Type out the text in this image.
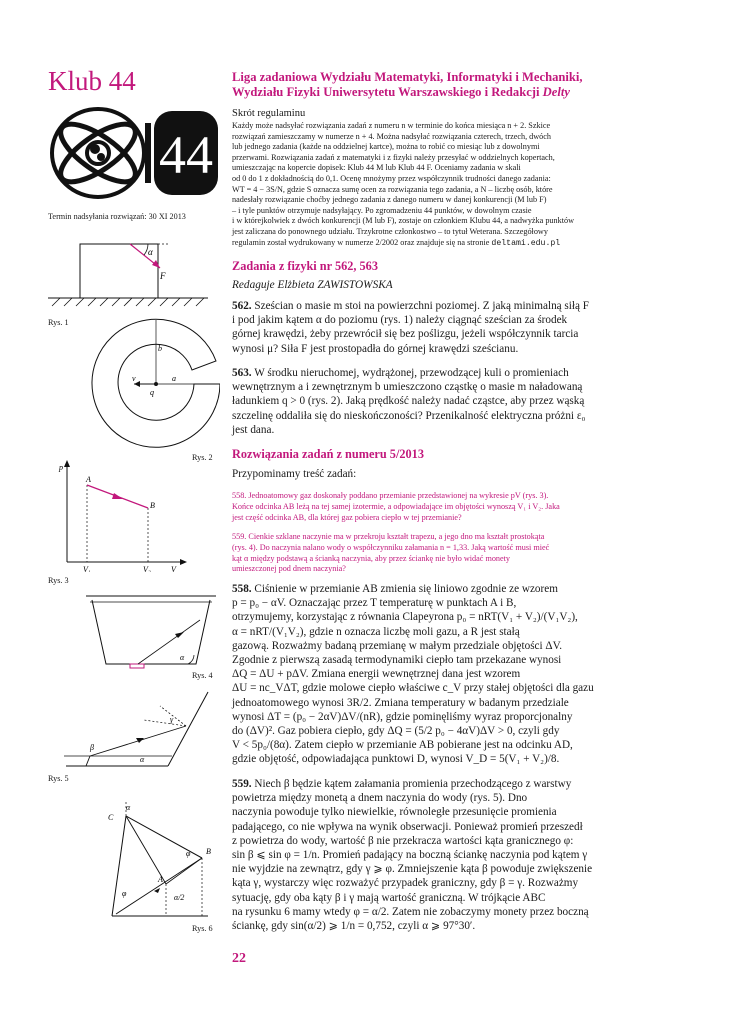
Klub 44
44
Termin nadsyłania rozwiązań: 30 XI 2013
α
F
Rys. 1
b
a
v
q
Rys. 2
p
A
B
V₁	V₂	V
Rys. 3
α
Rys. 4
γ
β
α
Rys. 5
α
C
B
A
φ
φ	α/2
Rys. 6
Liga zadaniowa Wydziału Matematyki, Informatyki i Mechaniki,
Wydziału Fizyki Uniwersytetu Warszawskiego i Redakcji Delty
Skrót regulaminu
Każdy może nadsyłać rozwiązania zadań z numeru n w terminie do końca miesiąca n + 2. Szkice
rozwiązań zamieszczamy w numerze n + 4. Można nadsyłać rozwiązania czterech, trzech, dwóch
lub jednego zadania (każde na oddzielnej kartce), można to robić co miesiąc lub z dowolnymi
przerwami. Rozwiązania zadań z matematyki i z fizyki należy przesyłać w oddzielnych kopertach,
umieszczając na kopercie dopisek: Klub 44 M lub Klub 44 F. Oceniamy zadania w skali
od 0 do 1 z dokładnością do 0,1. Ocenę mnożymy przez współczynnik trudności danego zadania:
WT = 4 − 3S/N, gdzie S oznacza sumę ocen za rozwiązania tego zadania, a N – liczbę osób, które
nadesłały rozwiązanie choćby jednego zadania z danego numeru w danej konkurencji (M lub F)
– i tyle punktów otrzymuje nadsyłający. Po zgromadzeniu 44 punktów, w dowolnym czasie
i w którejkolwiek z dwóch konkurencji (M lub F), zostaje on członkiem Klubu 44, a nadwyżka punktów
jest zaliczana do ponownego udziału. Trzykrotne członkostwo – to tytuł Weterana. Szczegółowy
regulamin został wydrukowany w numerze 2/2002 oraz znajduje się na stronie deltami.edu.pl
Zadania z fizyki nr 562, 563
Redaguje Elżbieta ZAWISTOWSKA
562. Sześcian o masie m stoi na powierzchni poziomej. Z jaką minimalną siłą F
i pod jakim kątem α do poziomu (rys. 1) należy ciągnąć sześcian za środek
górnej krawędzi, żeby przewrócił się bez poślizgu, jeżeli współczynnik tarcia
wynosi μ? Siła F jest prostopadła do górnej krawędzi sześcianu.
563. W środku nieruchomej, wydrążonej, przewodzącej kuli o promieniach
wewnętrznym a i zewnętrznym b umieszczono cząstkę o masie m naładowaną
ładunkiem q > 0 (rys. 2). Jaką prędkość należy nadać cząstce, aby przez wąską
szczelinę oddaliła się do nieskończoności? Przenikalność elektryczna próżni ε₀
jest dana.
Rozwiązania zadań z numeru 5/2013
Przypominamy treść zadań:
558. Jednoatomowy gaz doskonały poddano przemianie przedstawionej na wykresie pV (rys. 3).
Końce odcinka AB leżą na tej samej izotermie, a odpowiadające im objętości wynoszą V₁ i V₂. Jaka
jest część odcinka AB, dla której gaz pobiera ciepło w tej przemianie?
559. Cienkie szklane naczynie ma w przekroju kształt trapezu, a jego dno ma kształt prostokąta
(rys. 4). Do naczynia nalano wody o współczynniku załamania n = 1,33. Jaką wartość musi mieć
kąt α między podstawą a ścianką naczynia, aby przez ściankę nie było widać monety
umieszczonej pod dnem naczynia?
558. Ciśnienie w przemianie AB zmienia się liniowo zgodnie ze wzorem
p = p₀ − αV. Oznaczając przez T temperaturę w punktach A i B,
otrzymujemy, korzystając z równania Clapeyrona p₀ = nRT(V₁ + V₂)/(V₁V₂),
α = nRT/(V₁V₂), gdzie n oznacza liczbę moli gazu, a R jest stałą
gazową. Rozważmy badaną przemianę w małym przedziale objętości ΔV.
Zgodnie z pierwszą zasadą termodynamiki ciepło tam przekazane wynosi
ΔQ = ΔU + pΔV. Zmiana energii wewnętrznej dana jest wzorem
ΔU = nc_VΔT, gdzie molowe ciepło właściwe c_V przy stałej objętości dla gazu
jednoatomowego wynosi 3R/2. Zmiana temperatury w badanym przedziale
wynosi ΔT = (p₀ − 2αV)ΔV/(nR), gdzie pominęliśmy wyraz proporcjonalny
do (ΔV)². Gaz pobiera ciepło, gdy ΔQ = (5/2 p₀ − 4αV)ΔV > 0, czyli gdy
V < 5p₀/(8α). Zatem ciepło w przemianie AB pobierane jest na odcinku AD,
gdzie objętość, odpowiadająca punktowi D, wynosi V_D = 5(V₁ + V₂)/8.
559. Niech β będzie kątem załamania promienia przechodzącego z warstwy
powietrza między monetą a dnem naczynia do wody (rys. 5). Dno
naczynia powoduje tylko niewielkie, równoległe przesunięcie promienia
padającego, co nie wpływa na wynik obserwacji. Ponieważ promień przeszedł
z powietrza do wody, wartość β nie przekracza wartości kąta granicznego φ:
sin β ⩽ sin φ = 1/n. Promień padający na boczną ściankę naczynia pod kątem γ
nie wyjdzie na zewnątrz, gdy γ ⩾ φ. Zmniejszenie kąta β powoduje zwiększenie
kąta γ, wystarczy więc rozważyć przypadek graniczny, gdy β = γ. Rozważmy
sytuację, gdy oba kąty β i γ mają wartość graniczną. W trójkącie ABC
na rysunku 6 mamy wtedy φ = α/2. Zatem nie zobaczymy monety przez boczną
ściankę, gdy sin(α/2) ⩾ 1/n = 0,752, czyli α ⩾ 97°30′.
22
